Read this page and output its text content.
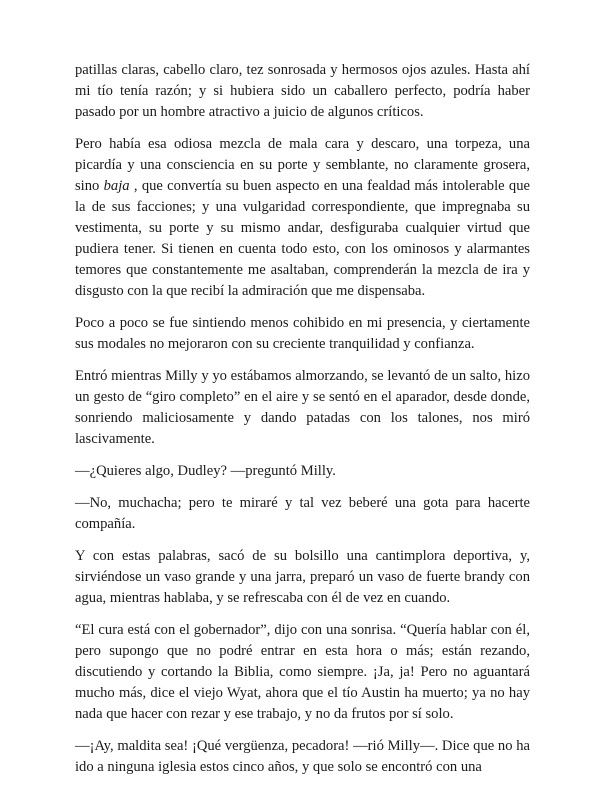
patillas claras, cabello claro, tez sonrosada y hermosos ojos azules. Hasta ahí mi tío tenía razón; y si hubiera sido un caballero perfecto, podría haber pasado por un hombre atractivo a juicio de algunos críticos.

Pero había esa odiosa mezcla de mala cara y descaro, una torpeza, una picardía y una consciencia en su porte y semblante, no claramente grosera, sino baja , que convertía su buen aspecto en una fealdad más intolerable que la de sus facciones; y una vulgaridad correspondiente, que impregnaba su vestimenta, su porte y su mismo andar, desfiguraba cualquier virtud que pudiera tener. Si tienen en cuenta todo esto, con los ominosos y alarmantes temores que constantemente me asaltaban, comprenderán la mezcla de ira y disgusto con la que recibí la admiración que me dispensaba.

Poco a poco se fue sintiendo menos cohibido en mi presencia, y ciertamente sus modales no mejoraron con su creciente tranquilidad y confianza.

Entró mientras Milly y yo estábamos almorzando, se levantó de un salto, hizo un gesto de “giro completo” en el aire y se sentó en el aparador, desde donde, sonriendo maliciosamente y dando patadas con los talones, nos miró lascivamente.

—¿Quieres algo, Dudley? —preguntó Milly.

—No, muchacha; pero te miraré y tal vez beberé una gota para hacerte compañía.

Y con estas palabras, sacó de su bolsillo una cantimplora deportiva, y, sirviéndose un vaso grande y una jarra, preparó un vaso de fuerte brandy con agua, mientras hablaba, y se refrescaba con él de vez en cuando.

“El cura está con el gobernador”, dijo con una sonrisa. “Quería hablar con él, pero supongo que no podré entrar en esta hora o más; están rezando, discutiendo y cortando la Biblia, como siempre. ¡Ja, ja! Pero no aguantará mucho más, dice el viejo Wyat, ahora que el tío Austin ha muerto; ya no hay nada que hacer con rezar y ese trabajo, y no da frutos por sí solo.

—¡Ay, maldita sea! ¡Qué vergüenza, pecadora! —rió Milly—. Dice que no ha ido a ninguna iglesia estos cinco años, y que solo se encontró con una
